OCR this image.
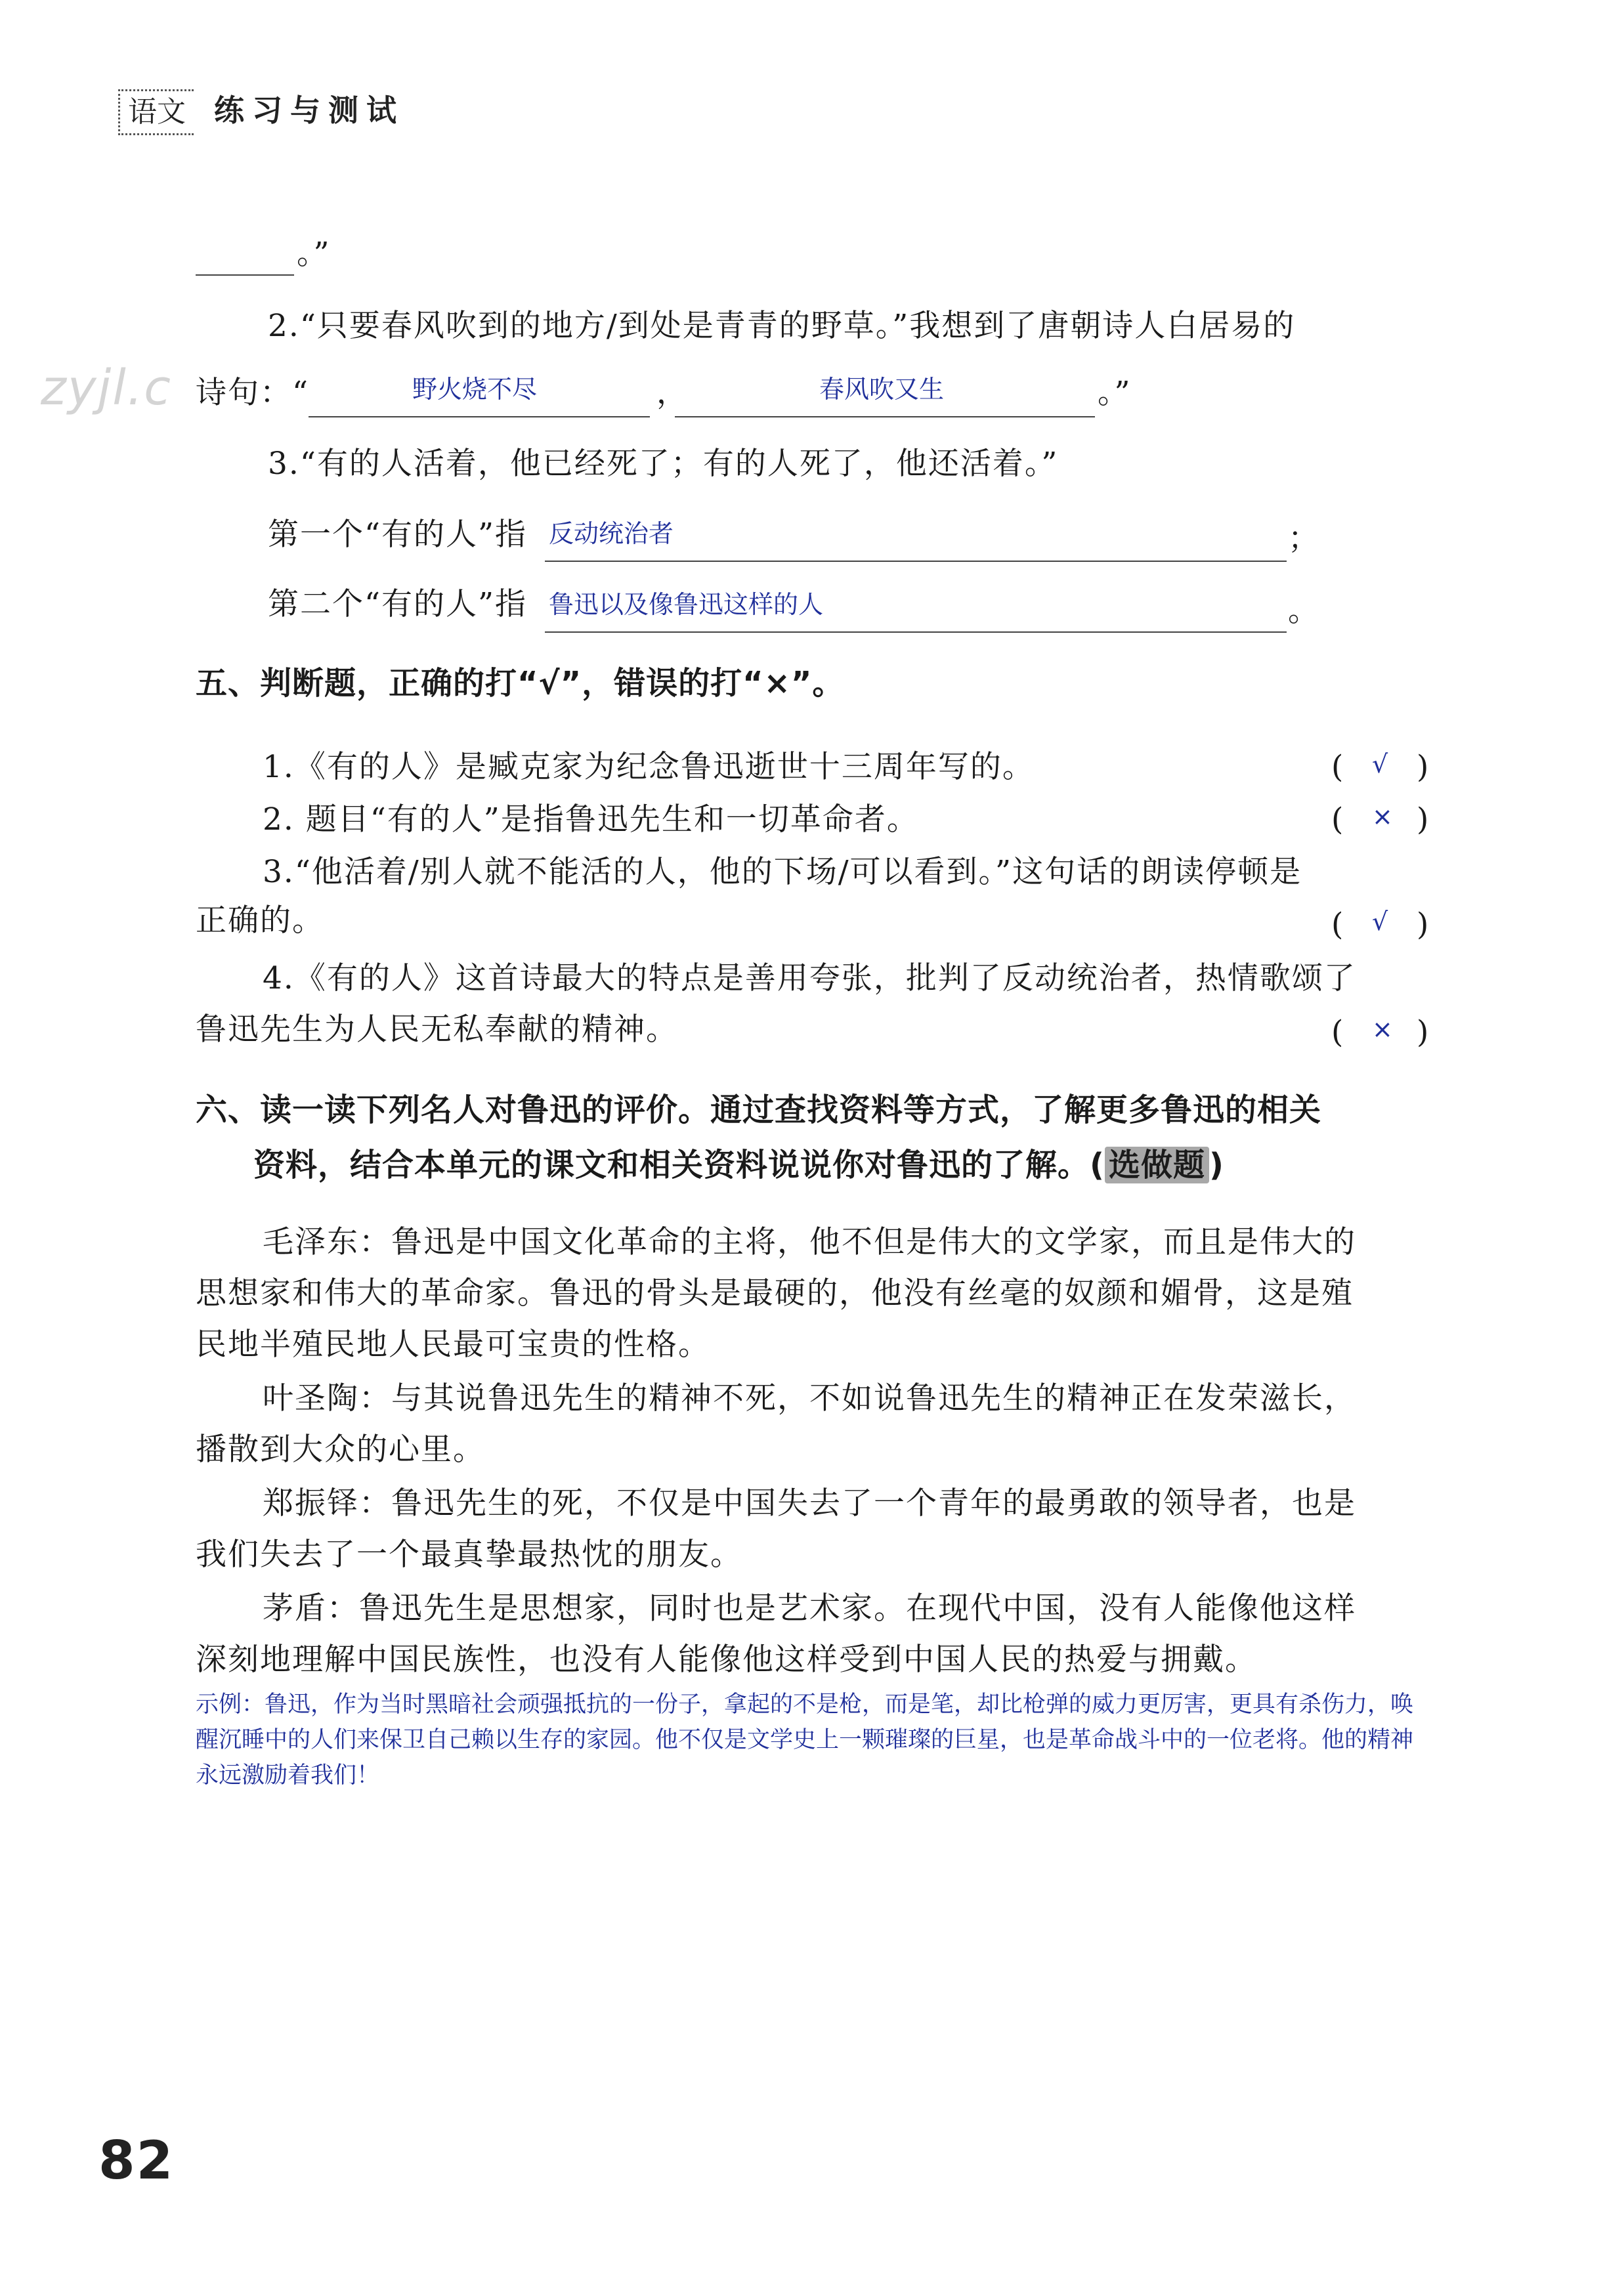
语文 练习与测试
zyjl.c
。”
2.“只要春风吹到的地方/到处是青青的野草。”我想到了唐朝诗人白居易的
诗句：“	野火烧不尽	，	春风吹又生	。”
3.“有的人活着，他已经死了；有的人死了，他还活着。”
第一个“有的人”指 反动统治者	；
第二个“有的人”指 鲁迅以及像鲁迅这样的人	。
五、判断题，正确的打“√”，错误的打“×”。
1.《有的人》是臧克家为纪念鲁迅逝世十三周年写的。	( √ )
2. 题目“有的人”是指鲁迅先生和一切革命者。	( × )
3.“他活着/别人就不能活的人，他的下场/可以看到。”这句话的朗读停顿是
正确的。	( √ )
4.《有的人》这首诗最大的特点是善用夸张，批判了反动统治者，热情歌颂了
鲁迅先生为人民无私奉献的精神。	( × )
六、读一读下列名人对鲁迅的评价。通过查找资料等方式，了解更多鲁迅的相关
资料，结合本单元的课文和相关资料说说你对鲁迅的了解。( 选做题 )
毛泽东：鲁迅是中国文化革命的主将，他不但是伟大的文学家，而且是伟大的
思想家和伟大的革命家。鲁迅的骨头是最硬的，他没有丝毫的奴颜和媚骨，这是殖
民地半殖民地人民最可宝贵的性格。
叶圣陶：与其说鲁迅先生的精神不死，不如说鲁迅先生的精神正在发荣滋长，
播散到大众的心里。
郑振铎：鲁迅先生的死，不仅是中国失去了一个青年的最勇敢的领导者，也是
我们失去了一个最真挚最热忱的朋友。
茅盾：鲁迅先生是思想家，同时也是艺术家。在现代中国，没有人能像他这样
深刻地理解中国民族性，也没有人能像他这样受到中国人民的热爱与拥戴。
示例：鲁迅，作为当时黑暗社会顽强抵抗的一份子，拿起的不是枪，而是笔，却比枪弹的威力更厉害，更具有杀伤力，唤醒沉睡中的人们来保卫自己赖以生存的家园。他不仅是文学史上一颗璀璨的巨星，也是革命战斗中的一位老将。他的精神永远激励着我们！
82
